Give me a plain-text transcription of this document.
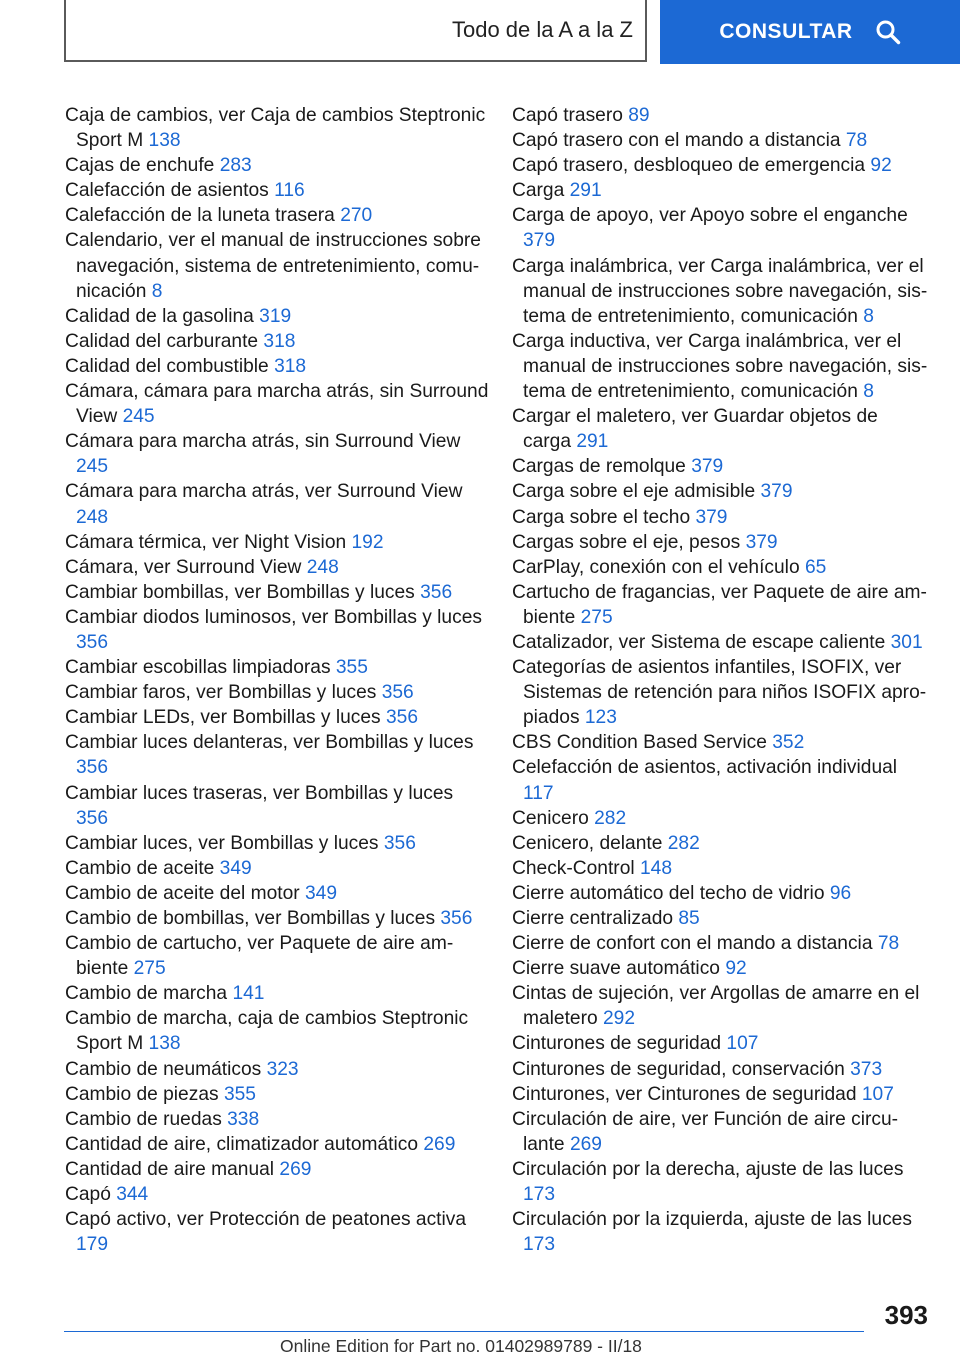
Todo de la A a la Z	CONSULTAR

Caja de cambios, ver Caja de cambios Steptronic Sport M 138

Cajas de enchufe 283

Calefacción de asientos 116

Calefacción de la luneta trasera 270

Calendario, ver el manual de instrucciones sobre navegación, sistema de entretenimiento, comunicación 8

Calidad de la gasolina 319

Calidad del carburante 318

Calidad del combustible 318

Cámara, cámara para marcha atrás, sin Surround View 245

Cámara para marcha atrás, sin Surround View 245

Cámara para marcha atrás, ver Surround View 248

Cámara térmica, ver Night Vision 192

Cámara, ver Surround View 248

Cambiar bombillas, ver Bombillas y luces 356

Cambiar diodos luminosos, ver Bombillas y luces 356

Cambiar escobillas limpiadoras 355

Cambiar faros, ver Bombillas y luces 356

Cambiar LEDs, ver Bombillas y luces 356

Cambiar luces delanteras, ver Bombillas y luces 356

Cambiar luces traseras, ver Bombillas y luces 356

Cambiar luces, ver Bombillas y luces 356

Cambio de aceite 349

Cambio de aceite del motor 349

Cambio de bombillas, ver Bombillas y luces 356

Cambio de cartucho, ver Paquete de aire ambiente 275

Cambio de marcha 141

Cambio de marcha, caja de cambios Steptronic Sport M 138

Cambio de neumáticos 323

Cambio de piezas 355

Cambio de ruedas 338

Cantidad de aire, climatizador automático 269

Cantidad de aire manual 269

Capó 344

Capó activo, ver Protección de peatones activa 179

Capó trasero 89

Capó trasero con el mando a distancia 78

Capó trasero, desbloqueo de emergencia 92

Carga 291

Carga de apoyo, ver Apoyo sobre el enganche 379

Carga inalámbrica, ver Carga inalámbrica, ver el manual de instrucciones sobre navegación, sistema de entretenimiento, comunicación 8

Carga inductiva, ver Carga inalámbrica, ver el manual de instrucciones sobre navegación, sistema de entretenimiento, comunicación 8

Cargar el maletero, ver Guardar objetos de carga 291

Cargas de remolque 379

Carga sobre el eje admisible 379

Carga sobre el techo 379

Cargas sobre el eje, pesos 379

CarPlay, conexión con el vehículo 65

Cartucho de fragancias, ver Paquete de aire ambiente 275

Catalizador, ver Sistema de escape caliente 301

Categorías de asientos infantiles, ISOFIX, ver Sistemas de retención para niños ISOFIX apropiados 123

CBS Condition Based Service 352

Celefacción de asientos, activación individual 117

Cenicero 282

Cenicero, delante 282

Check-Control 148

Cierre automático del techo de vidrio 96

Cierre centralizado 85

Cierre de confort con el mando a distancia 78

Cierre suave automático 92

Cintas de sujeción, ver Argollas de amarre en el maletero 292

Cinturones de seguridad 107

Cinturones de seguridad, conservación 373

Cinturones, ver Cinturones de seguridad 107

Circulación de aire, ver Función de aire circulante 269

Circulación por la derecha, ajuste de las luces 173

Circulación por la izquierda, ajuste de las luces 173

393
Online Edition for Part no. 01402989789 - II/18
